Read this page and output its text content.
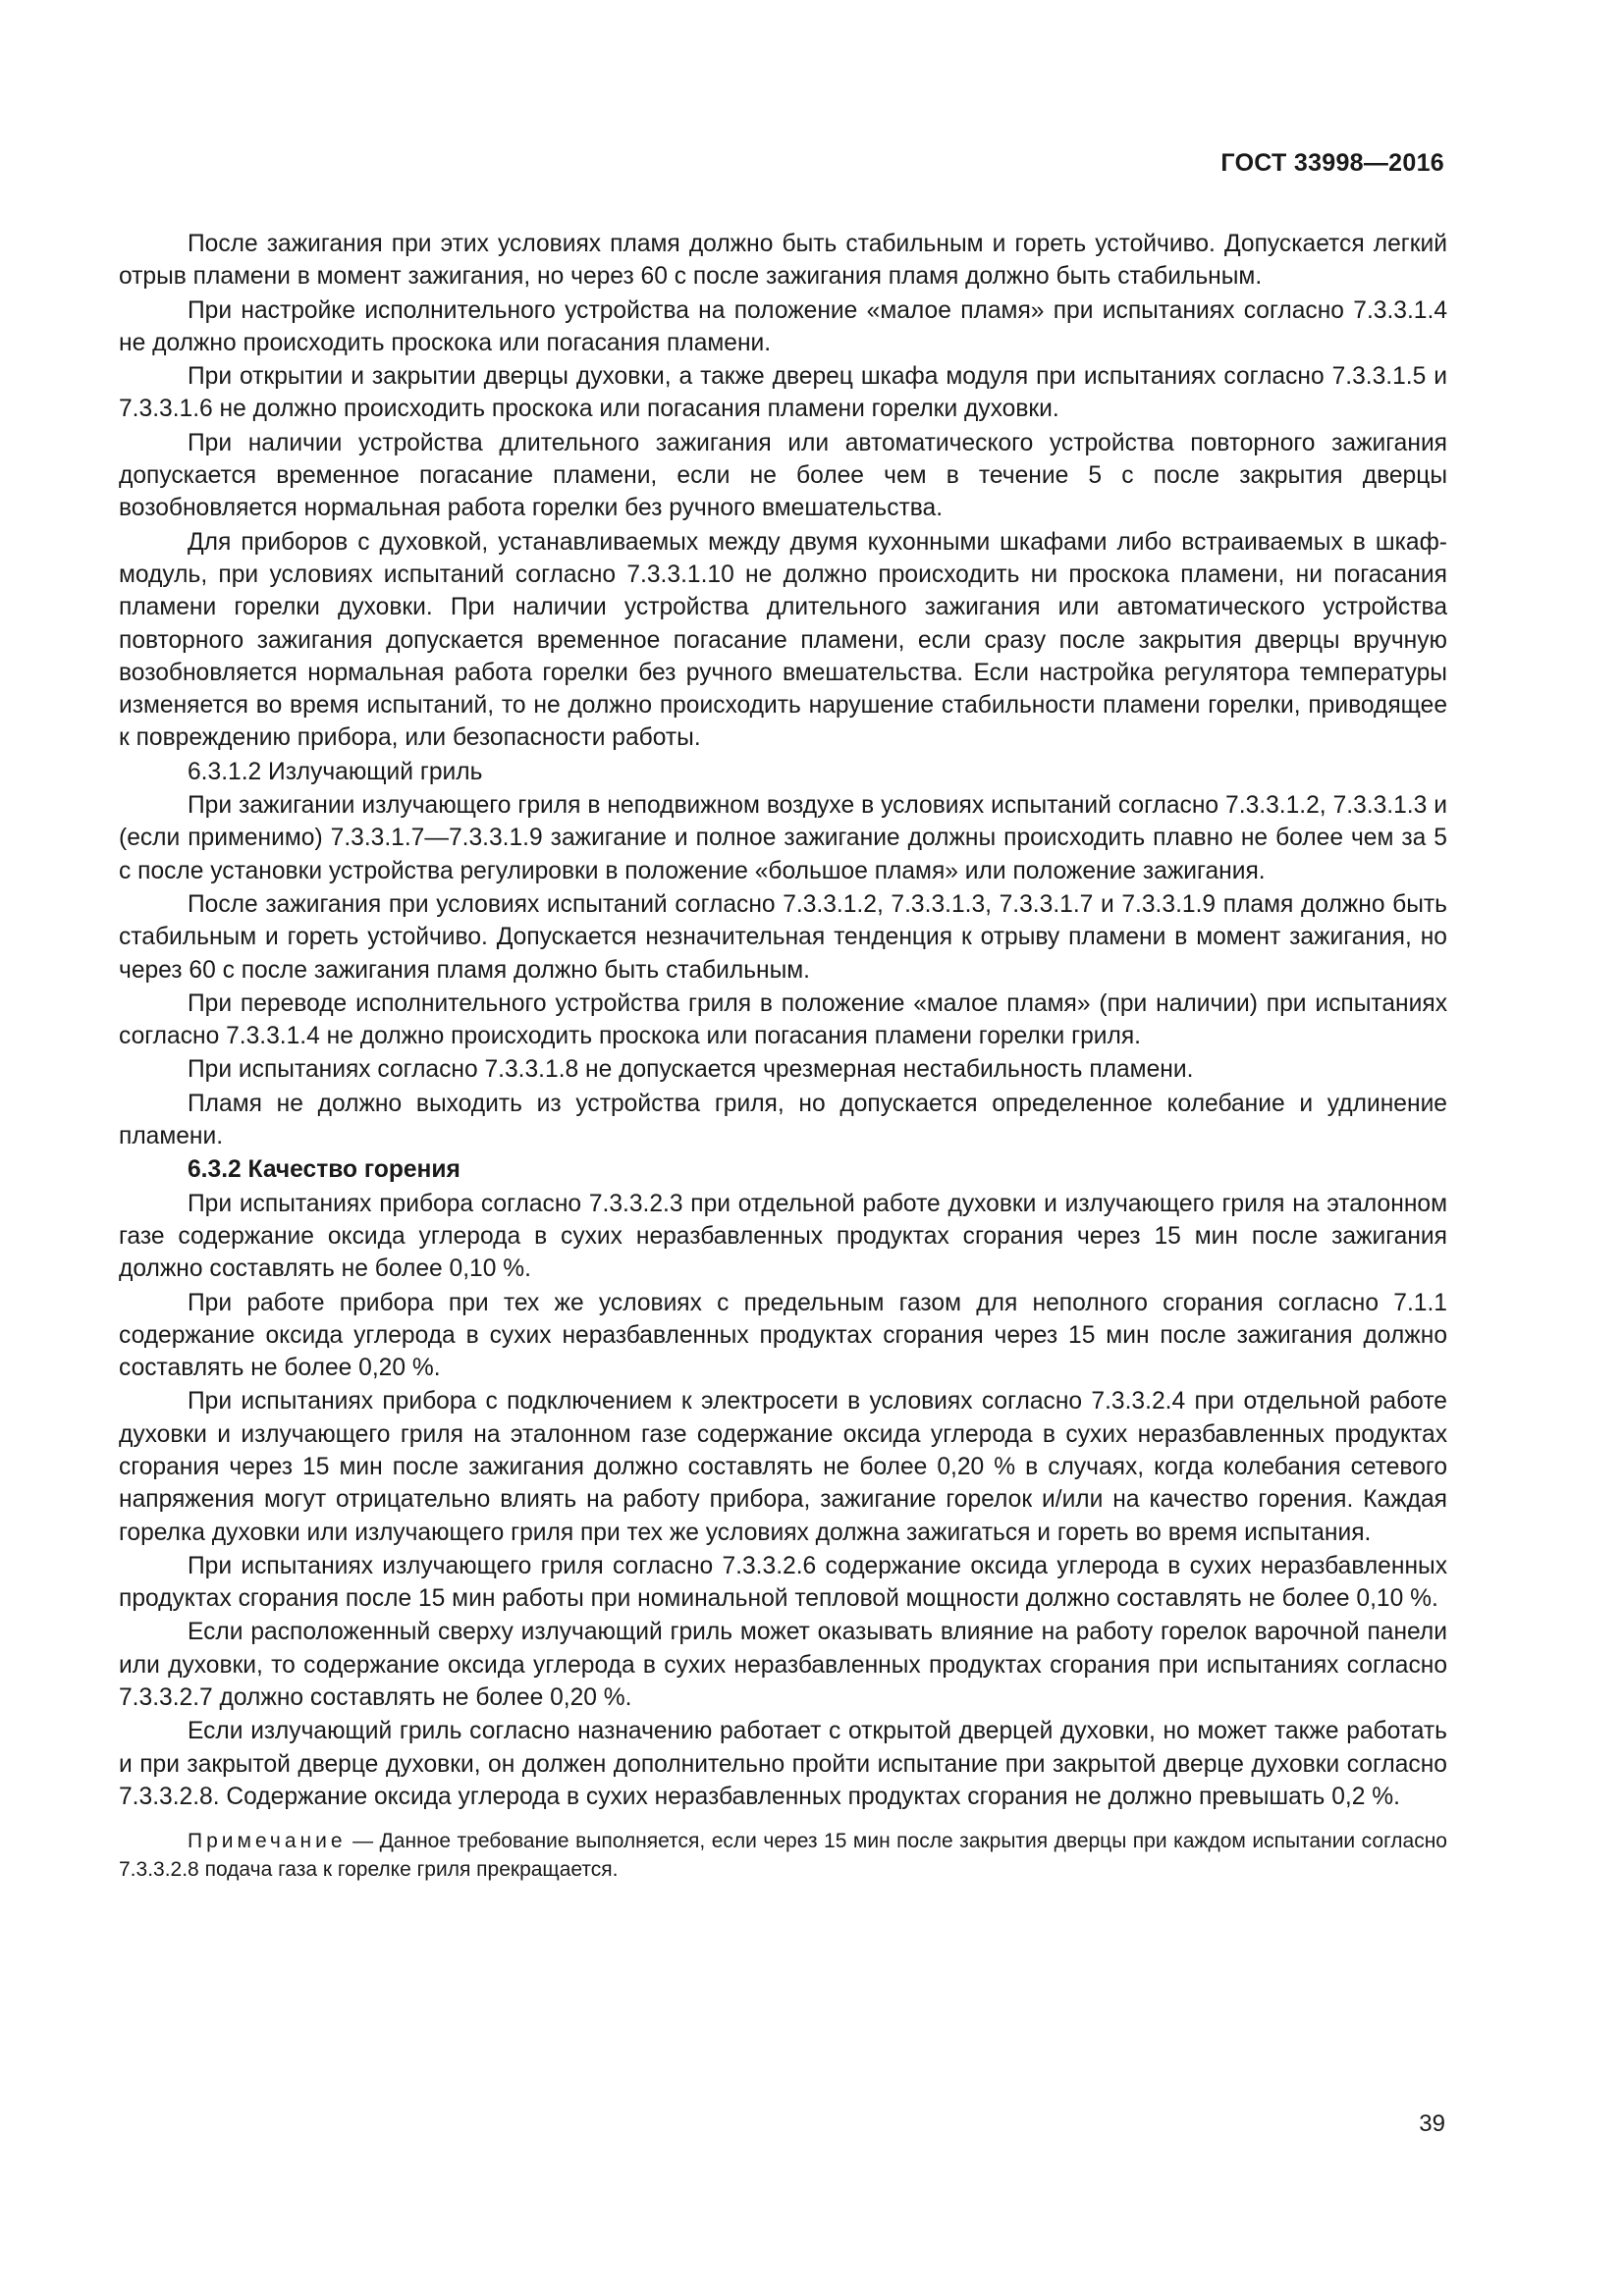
ГОСТ 33998—2016

После зажигания при этих условиях пламя должно быть стабильным и гореть устойчиво. Допускается легкий отрыв пламени в момент зажигания, но через 60 с после зажигания пламя должно быть стабильным.

При настройке исполнительного устройства на положение «малое пламя» при испытаниях согласно 7.3.3.1.4 не должно происходить проскока или погасания пламени.

При открытии и закрытии дверцы духовки, а также дверец шкафа модуля при испытаниях согласно 7.3.3.1.5 и 7.3.3.1.6 не должно происходить проскока или погасания пламени горелки духовки.

При наличии устройства длительного зажигания или автоматического устройства повторного зажигания допускается временное погасание пламени, если не более чем в течение 5 с после закрытия дверцы возобновляется нормальная работа горелки без ручного вмешательства.

Для приборов с духовкой, устанавливаемых между двумя кухонными шкафами либо встраиваемых в шкаф-модуль, при условиях испытаний согласно 7.3.3.1.10 не должно происходить ни проскока пламени, ни погасания пламени горелки духовки. При наличии устройства длительного зажигания или автоматического устройства повторного зажигания допускается временное погасание пламени, если сразу после закрытия дверцы вручную возобновляется нормальная работа горелки без ручного вмешательства. Если настройка регулятора температуры изменяется во время испытаний, то не должно происходить нарушение стабильности пламени горелки, приводящее к повреждению прибора, или безопасности работы.

6.3.1.2 Излучающий гриль

При зажигании излучающего гриля в неподвижном воздухе в условиях испытаний согласно 7.3.3.1.2, 7.3.3.1.3 и (если применимо) 7.3.3.1.7—7.3.3.1.9 зажигание и полное зажигание должны происходить плавно не более чем за 5 с после установки устройства регулировки в положение «большое пламя» или положение зажигания.

После зажигания при условиях испытаний согласно 7.3.3.1.2, 7.3.3.1.3, 7.3.3.1.7 и 7.3.3.1.9 пламя должно быть стабильным и гореть устойчиво. Допускается незначительная тенденция к отрыву пламени в момент зажигания, но через 60 с после зажигания пламя должно быть стабильным.

При переводе исполнительного устройства гриля в положение «малое пламя» (при наличии) при испытаниях согласно 7.3.3.1.4 не должно происходить проскока или погасания пламени горелки гриля.

При испытаниях согласно 7.3.3.1.8 не допускается чрезмерная нестабильность пламени.

Пламя не должно выходить из устройства гриля, но допускается определенное колебание и удлинение пламени.

6.3.2 Качество горения

При испытаниях прибора согласно 7.3.3.2.3 при отдельной работе духовки и излучающего гриля на эталонном газе содержание оксида углерода в сухих неразбавленных продуктах сгорания через 15 мин после зажигания должно составлять не более 0,10 %.

При работе прибора при тех же условиях с предельным газом для неполного сгорания согласно 7.1.1 содержание оксида углерода в сухих неразбавленных продуктах сгорания через 15 мин после зажигания должно составлять не более 0,20 %.

При испытаниях прибора с подключением к электросети в условиях согласно 7.3.3.2.4 при отдельной работе духовки и излучающего гриля на эталонном газе содержание оксида углерода в сухих неразбавленных продуктах сгорания через 15 мин после зажигания должно составлять не более 0,20 % в случаях, когда колебания сетевого напряжения могут отрицательно влиять на работу прибора, зажигание горелок и/или на качество горения. Каждая горелка духовки или излучающего гриля при тех же условиях должна зажигаться и гореть во время испытания.

При испытаниях излучающего гриля согласно 7.3.3.2.6 содержание оксида углерода в сухих неразбавленных продуктах сгорания после 15 мин работы при номинальной тепловой мощности должно составлять не более 0,10 %.

Если расположенный сверху излучающий гриль может оказывать влияние на работу горелок варочной панели или духовки, то содержание оксида углерода в сухих неразбавленных продуктах сгорания при испытаниях согласно 7.3.3.2.7 должно составлять не более 0,20 %.

Если излучающий гриль согласно назначению работает с открытой дверцей духовки, но может также работать и при закрытой дверце духовки, он должен дополнительно пройти испытание при закрытой дверце духовки согласно 7.3.3.2.8. Содержание оксида углерода в сухих неразбавленных продуктах сгорания не должно превышать 0,2 %.

Примечание — Данное требование выполняется, если через 15 мин после закрытия дверцы при каждом испытании согласно 7.3.3.2.8 подача газа к горелке гриля прекращается.

39
